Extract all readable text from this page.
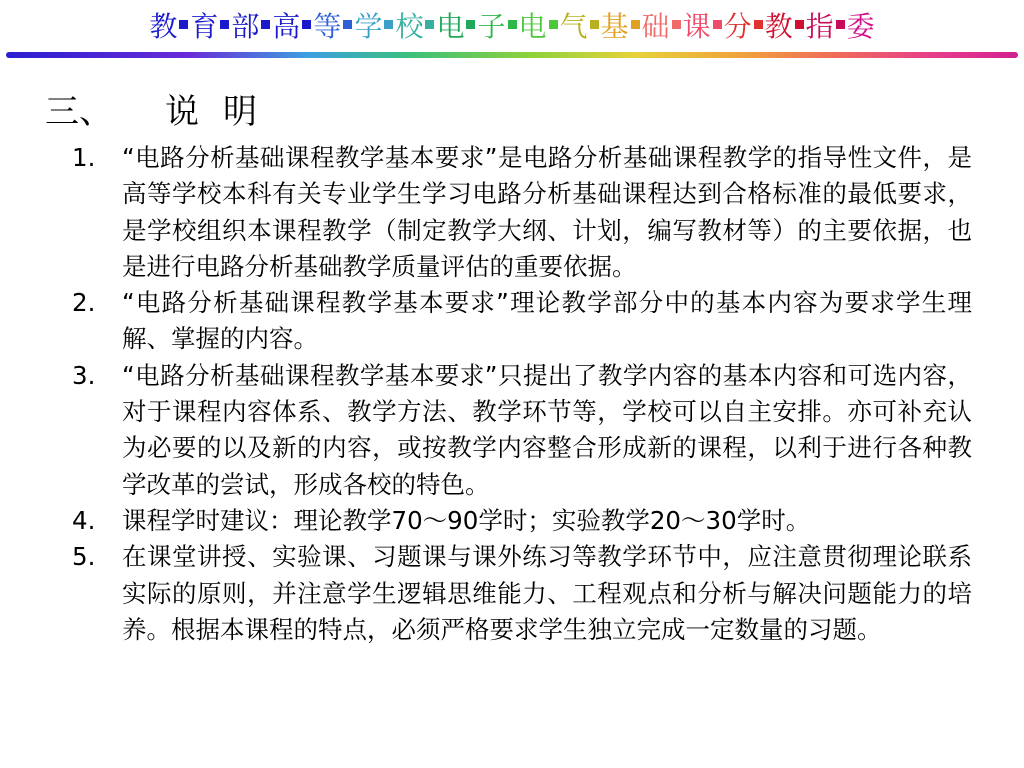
教 育 部 高 等 学 校 电 子 电 气 基 础 课 分 教 指 委
三、 说 明
1.	“电路分析基础课程教学基本要求”是电路分析基础课程教学的指导性文件，是高等学校本科有关专业学生学习电路分析基础课程达到合格标准的最低要求，是学校组织本课程教学（制定教学大纲、计划，编写教材等）的主要依据，也是进行电路分析基础教学质量评估的重要依据。
2.	“电路分析基础课程教学基本要求”理论教学部分中的基本内容为要求学生理解、掌握的内容。
3.	“电路分析基础课程教学基本要求”只提出了教学内容的基本内容和可选内容，对于课程内容体系、教学方法、教学环节等，学校可以自主安排。亦可补充认为必要的以及新的内容，或按教学内容整合形成新的课程，以利于进行各种教学改革的尝试，形成各校的特色。
4.	课程学时建议：理论教学70～90学时；实验教学20～30学时。
5.	在课堂讲授、实验课、习题课与课外练习等教学环节中，应注意贯彻理论联系实际的原则，并注意学生逻辑思维能力、工程观点和分析与解决问题能力的培养。根据本课程的特点，必须严格要求学生独立完成一定数量的习题。
